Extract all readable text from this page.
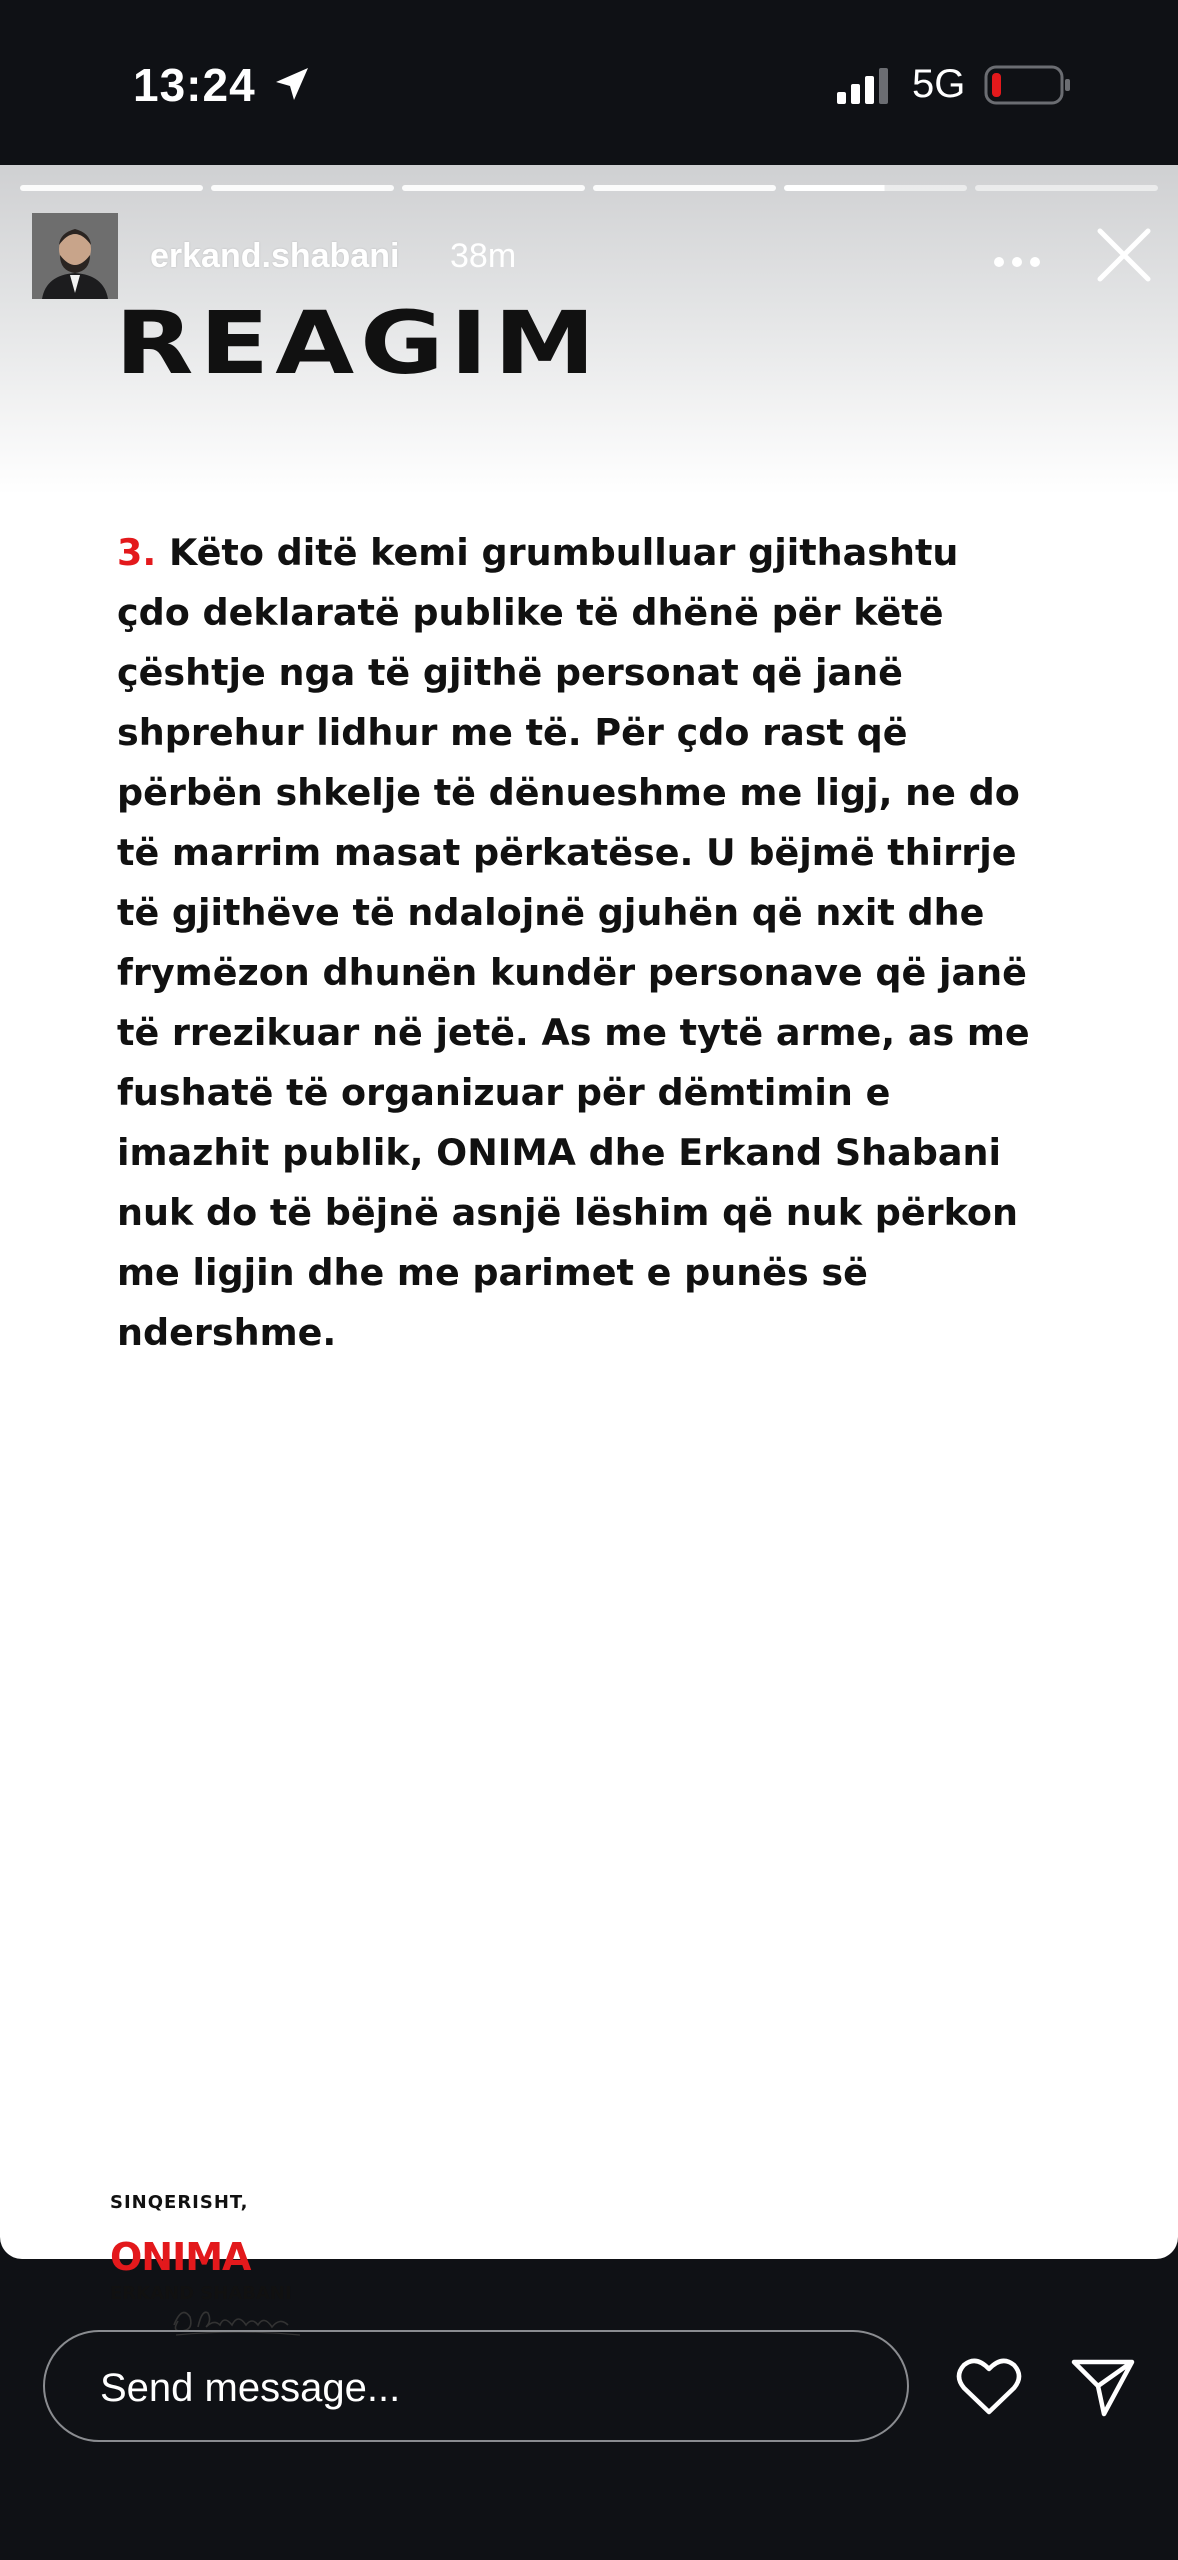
13:24	5G
erkand.shabani 38m
REAGIM
3. Këto ditë kemi grumbulluar gjithashtu
çdo deklaratë publike të dhënë për këtë
çështje nga të gjithë personat që janë
shprehur lidhur me të. Për çdo rast që
përbën shkelje të dënueshme me ligj, ne do
të marrim masat përkatëse. U bëjmë thirrje
të gjithëve të ndalojnë gjuhën që nxit dhe
frymëzon dhunën kundër personave që janë
të rrezikuar në jetë. As me tytë arme, as me
fushatë të organizuar për dëmtimin e
imazhit publik, ONIMA dhe Erkand Shabani
nuk do të bëjnë asnjë lëshim që nuk përkon
me ligjin dhe me parimet e punës së
ndershme.
SINQERISHT,
ONIMA
ERKAND SHABANI
Send message...
